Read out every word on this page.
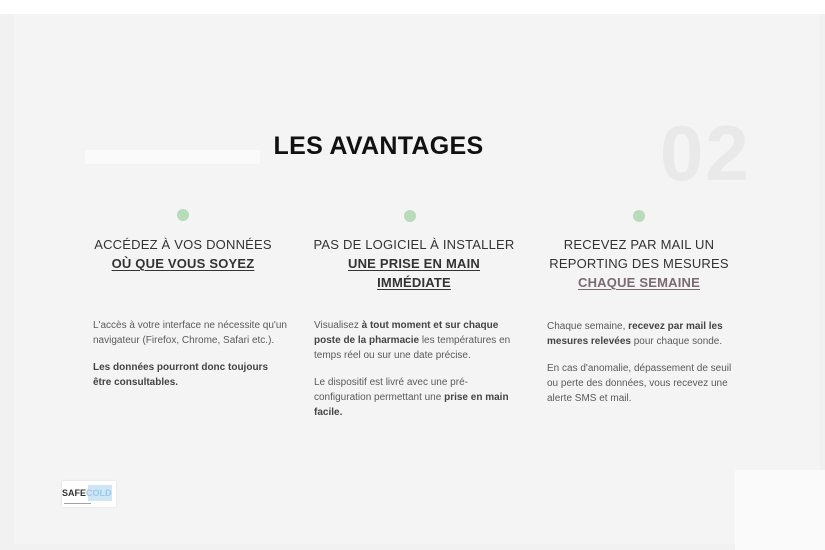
02
LES AVANTAGES
ACCÉDEZ À VOS DONNÉES
OÙ QUE VOUS SOYEZ

L'accès à votre interface ne nécessite qu'un navigateur (Firefox, Chrome, Safari etc.).

Les données pourront donc toujours être consultables.

PAS DE LOGICIEL À INSTALLER
UNE PRISE EN MAIN
IMMÉDIATE

Visualisez à tout moment et sur chaque poste de la pharmacie les températures en temps réel ou sur une date précise.

Le dispositif est livré avec une pré-configuration permettant une prise en main facile.

RECEVEZ PAR MAIL UN
REPORTING DES MESURES
CHAQUE SEMAINE

Chaque semaine, recevez par mail les mesures relevées pour chaque sonde.

En cas d'anomalie, dépassement de seuil ou perte des données, vous recevez une alerte SMS et mail.

SAFECOLD
▬▬▬▬▬▬▬▬▬
